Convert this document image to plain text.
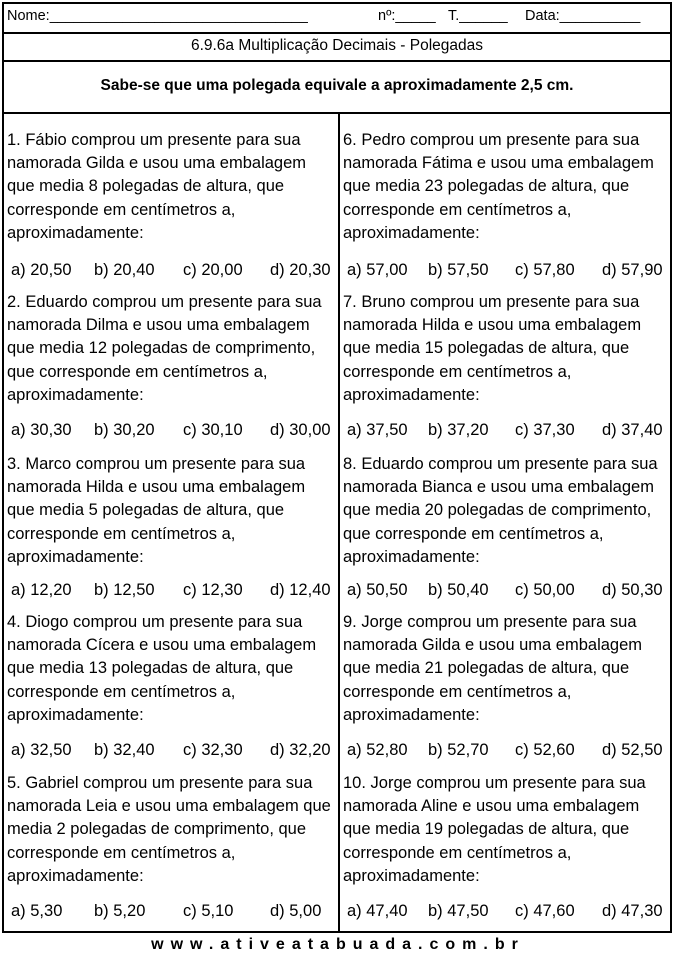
Nome:________________________________	nº:_____ T.______ Data:__________
6.9.6a Multiplicação Decimais - Polegadas
Sabe-se que uma polegada equivale a aproximadamente 2,5 cm.
1. Fábio comprou um presente para sua namorada Gilda e usou uma embalagem que media 8 polegadas de altura, que corresponde em centímetros a, aproximadamente:
a) 20,50 b) 20,40 c) 20,00 d) 20,30
2. Eduardo comprou um presente para sua namorada Dilma e usou uma embalagem que media 12 polegadas de comprimento, que corresponde em centímetros a, aproximadamente:
a) 30,30 b) 30,20 c) 30,10 d) 30,00
3. Marco comprou um presente para sua namorada Hilda e usou uma embalagem que media 5 polegadas de altura, que corresponde em centímetros a, aproximadamente:
a) 12,20 b) 12,50 c) 12,30 d) 12,40
4. Diogo comprou um presente para sua namorada Cícera e usou uma embalagem que media 13 polegadas de altura, que corresponde em centímetros a, aproximadamente:
a) 32,50 b) 32,40 c) 32,30 d) 32,20
5. Gabriel comprou um presente para sua namorada Leia e usou uma embalagem que media 2 polegadas de comprimento, que corresponde em centímetros a, aproximadamente:
a) 5,30 b) 5,20 c) 5,10 d) 5,00
6. Pedro comprou um presente para sua namorada Fátima e usou uma embalagem que media 23 polegadas de altura, que corresponde em centímetros a, aproximadamente:
a) 57,00 b) 57,50 c) 57,80 d) 57,90
7. Bruno comprou um presente para sua namorada Hilda e usou uma embalagem que media 15 polegadas de altura, que corresponde em centímetros a, aproximadamente:
a) 37,50 b) 37,20 c) 37,30 d) 37,40
8. Eduardo comprou um presente para sua namorada Bianca e usou uma embalagem que media 20 polegadas de comprimento, que corresponde em centímetros a, aproximadamente:
a) 50,50 b) 50,40 c) 50,00 d) 50,30
9. Jorge comprou um presente para sua namorada Gilda e usou uma embalagem que media 21 polegadas de altura, que corresponde em centímetros a, aproximadamente:
a) 52,80 b) 52,70 c) 52,60 d) 52,50
10. Jorge comprou um presente para sua namorada Aline e usou uma embalagem que media 19 polegadas de altura, que corresponde em centímetros a, aproximadamente:
a) 47,40 b) 47,50 c) 47,60 d) 47,30
www.ativeatabuada.com.br
